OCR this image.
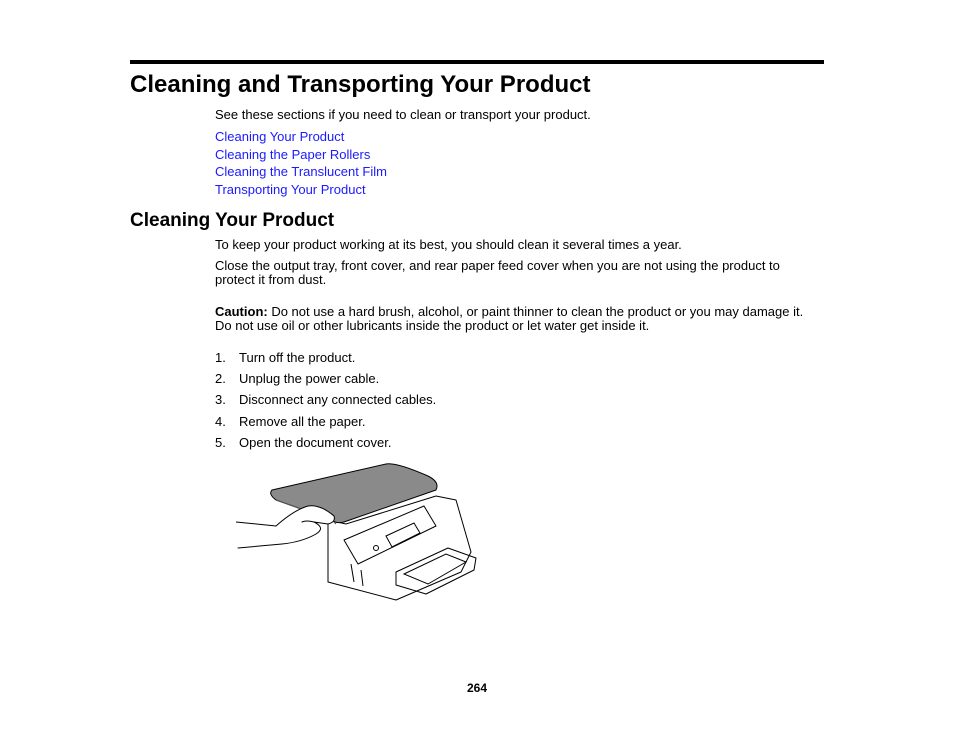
Cleaning and Transporting Your Product

See these sections if you need to clean or transport your product.

Cleaning Your Product
Cleaning the Paper Rollers
Cleaning the Translucent Film
Transporting Your Product
Cleaning Your Product

To keep your product working at its best, you should clean it several times a year.

Close the output tray, front cover, and rear paper feed cover when you are not using the product to protect it from dust.

Caution: Do not use a hard brush, alcohol, or paint thinner to clean the product or you may damage it. Do not use oil or other lubricants inside the product or let water get inside it.

1. Turn off the product.
2. Unplug the power cable.
3. Disconnect any connected cables.
4. Remove all the paper.
5. Open the document cover.
264
